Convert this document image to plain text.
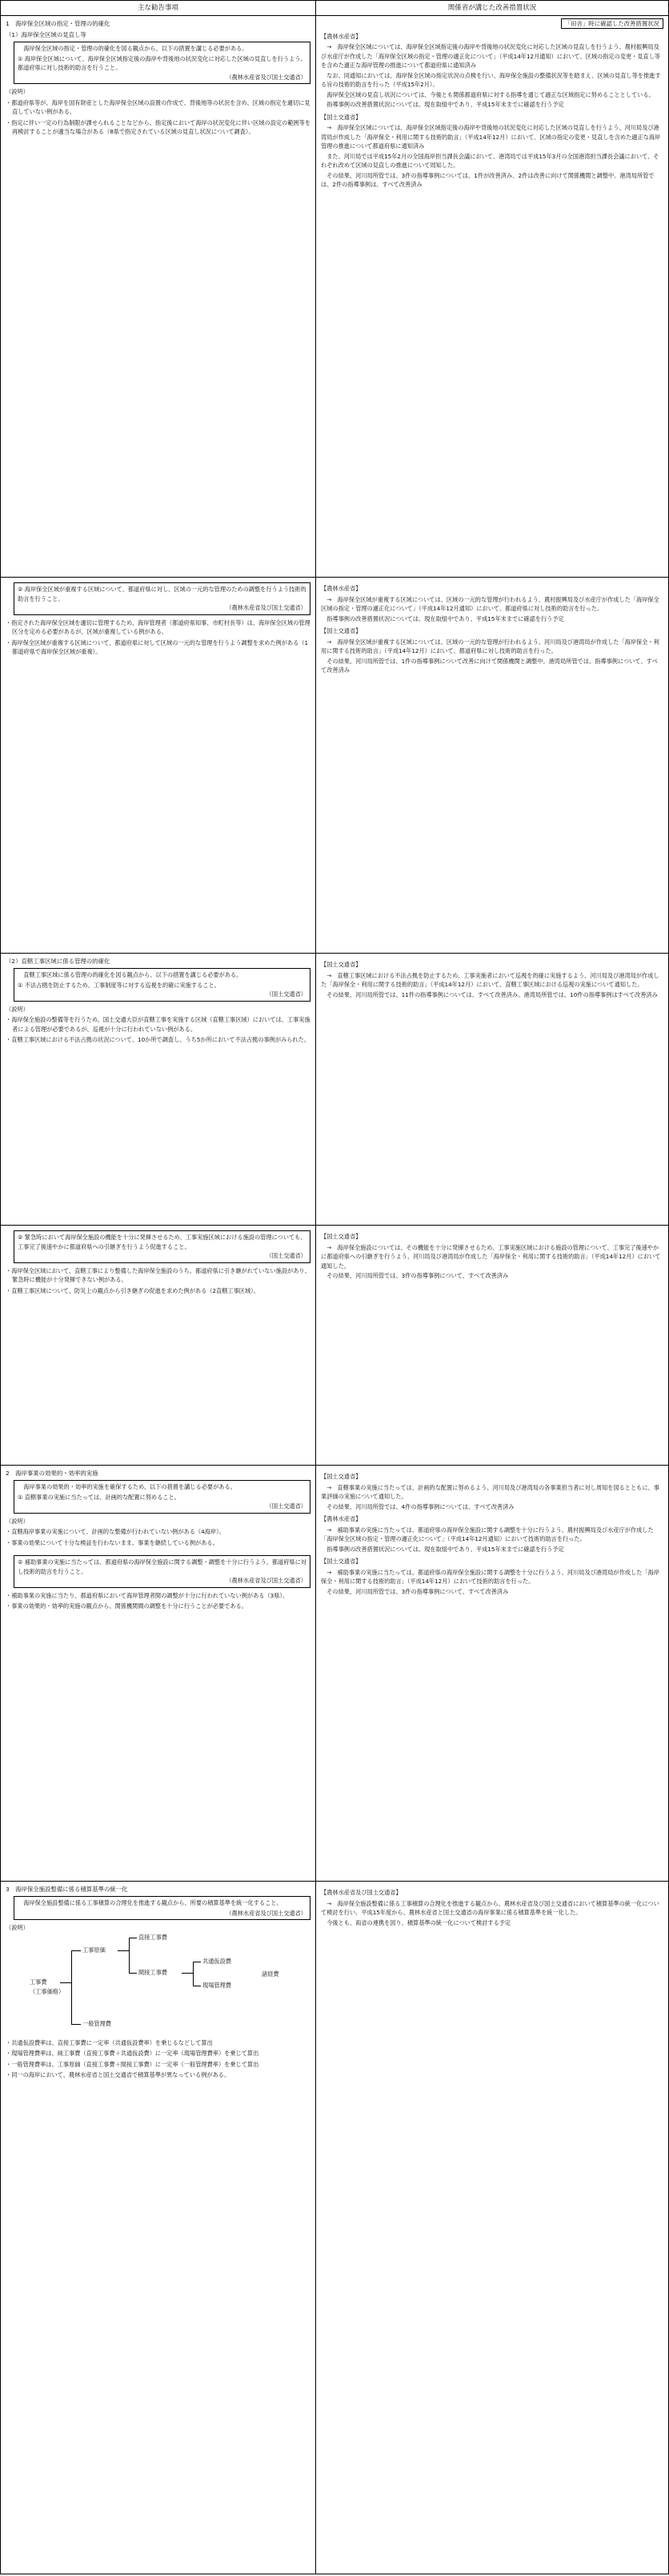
主な勧告事項	関係省が講じた改善措置状況
1　海岸保全区域の指定・管理の的確化
（1）海岸保全区域の見直し等
海岸保全区域の指定・管理の的確化を図る観点から、以下の措置を講じる必要がある。
① 海岸保全区域について、海岸保全区域指定後の海岸や背後地の状況変化に対応した区域の見直しを行うよう、都道府県に対し技術的助言を行うこと。
（農林水産省及び国土交通省）
（説明）
・都道府県等が、海岸を国有財産とした海岸保全区域の設置の作成で、背後地等の状況を含め、区域の指定を適切に見直していない例がある。
・指定に伴い一定の行為制限が課せられることなどから、指定後において海岸の状況変化に伴い区域の設定の範囲等を再検討することが適当な場合がある（8県で指定されている区域の見直し状況について調査）。
「田舎」時に確認した改善措置状況
【農林水産省】
→　海岸保全区域については、海岸保全区域指定後の海岸や背後地の状況変化に対応した区域の見直しを行うよう、農村振興局及び水産庁が作成した「海岸保全区域の指定・管理の適正化について」（平成14年12月通知）において、区域の指定の変更・見直し等を含めた適正な海岸管理の推進について都道府県に通知済み
なお、同通知においては、海岸保全区域の指定状況の点検を行い、海岸保全施設の整備状況等を踏まえ、区域の見直し等を推進する旨の技術的助言を行った（平成15年2月）。
海岸保全区域の見直し状況については、今後とも関係都道府県に対する指導を通じて適正な区域指定に努めることとしている。
指導事例の改善措置状況については、現在取組中であり、平成15年末までに確認を行う予定
【国土交通省】
→　海岸保全区域については、海岸保全区域指定後の海岸や背後地の状況変化に対応した区域の見直しを行うよう、河川局及び港湾局が作成した「海岸保全・利用に関する技術的助言」（平成14年12月）において、区域の指定の変更・見直しを含めた適正な海岸管理の推進について都道府県に通知済み
また、河川局では平成15年2月の全国海岸担当課長会議において、港湾局では平成15年3月の全国港湾担当課長会議において、それぞれ改めて区域の見直しの推進について周知した。
その結果、河川局所管では、3件の指導事例については、1件が改善済み、2件は改善に向けて関係機関と調整中。港湾局所管では、2件の指導事例は、すべて改善済み
② 海岸保全区域が重複する区域について、都道府県に対し、区域の一元的な管理のための調整を行うよう技術的助言を行うこと。
（農林水産省及び国土交通省）
・指定された海岸保全区域を適切に管理するため、海岸管理者（都道府県知事、市町村長等）は、海岸保全区域の管理区分を定める必要があるが、区域が重複している例がある。
・海岸保全区域が重複する区域について、都道府県に対して区域の一元的な管理を行うよう調整を求めた例がある（1都道府県で海岸保全区域が重複）。
【農林水産省】
→　海岸保全区域が重複する区域については、区域の一元的な管理が行われるよう、農村振興局及び水産庁が作成した「海岸保全区域の指定・管理の適正化について」（平成14年12月通知）において、都道府県に対し技術的助言を行った。
指導事例の改善措置状況については、現在取組中であり、平成15年末までに確認を行う予定
【国土交通省】
→　海岸保全区域が重複する区域については、区域の一元的な管理が行われるよう、河川局及び港湾局が作成した「海岸保全・利用に関する技術的助言」（平成14年12月）において、都道府県に対し技術的助言を行った。
その結果、河川局所管では、1件の指導事例について改善に向けて関係機関と調整中。港湾局所管では、指導事例について、すべて改善済み
（2）直轄工事区域に係る管理の的確化
直轄工事区域に係る管理の的確化を図る観点から、以下の措置を講じる必要がある。
① 不法占拠を防止するため、工事制度等に対する巡視を的確に実施すること。
（国土交通省）
（説明）
・海岸保全施設の整備等を行うため、国土交通大臣が直轄工事を実施する区域（直轄工事区域）においては、工事実施者による管理が必要であるが、巡視が十分に行われていない例がある。
・直轄工事区域における不法占拠の状況について、10か所で調査し、うち5か所において不法占拠の事例がみられた。
【国土交通省】
→　直轄工事区域における不法占拠を防止するため、工事実施者において巡視を的確に実施するよう、河川局及び港湾局が作成した「海岸保全・利用に関する技術的助言」（平成14年12月）において、直轄工事区域における巡視の実施について通知した。
その結果、河川局所管では、11件の指導事例については、すべて改善済み。港湾局所管では、10件の指導事例はすべて改善済み
② 緊急時において海岸保全施設の機能を十分に発揮させるため、工事実施区域における施設の管理についても、工事完了後速やかに都道府県への引継ぎを行うよう促進すること。
（国土交通省）
・海岸保全区域において、直轄工事により整備した海岸保全施設のうち、都道府県に引き継がれていない施設があり、緊急時に機能が十分発揮できない例がある。
・直轄工事区域について、防災上の観点から引き継ぎの促進を求めた例がある（2直轄工事区域）。
【国土交通省】
→　海岸保全施設については、その機能を十分に発揮させるため、工事実施区域における施設の管理について、工事完了後速やかに都道府県への引継ぎを行うよう、河川局及び港湾局が作成した「海岸保全・利用に関する技術的助言」（平成14年12月）において通知した。
その結果、河川局所管では、3件の指導事例について、すべて改善済み
2　海岸事業の効果的・効率的実施
海岸事業の効果的・効率的実施を確保するため、以下の措置を講じる必要がある。
① 直轄事業の実施に当たっては、計画的な配置に努めること。
（国土交通省）
（説明）
・直轄海岸事業の実施について、計画的な整備が行われていない例がある（4海岸）。
・事業の効果について十分な検証を行わないまま、事業を継続している例がある。
② 補助事業の実施に当たっては、都道府県の海岸保全施設に関する調整・調整を十分に行うよう、都道府県に対し技術的助言を行うこと。
（農林水産省及び国土交通省）
・補助事業の実施に当たり、都道府県において海岸管理者間の調整が十分に行われていない例がある（3県）。
・事業の効果的・効率的実施の観点から、関係機関間の調整を十分に行うことが必要である。
【国土交通省】
→　直轄事業の実施に当たっては、計画的な配置に努めるよう、河川局及び港湾局の各事業担当者に対し周知を図るとともに、事業評価の実施について通知した。
その結果、河川局所管では、4件の指導事例については、すべて改善済み
【農林水産省】
→　補助事業の実施に当たっては、都道府県の海岸保全施設に関する調整を十分に行うよう、農村振興局及び水産庁が作成した「海岸保全区域の指定・管理の適正化について」（平成14年12月通知）において技術的助言を行った。
指導事例の改善措置状況については、現在取組中であり、平成15年末までに確認を行う予定
【国土交通省】
→　補助事業の実施に当たっては、都道府県の海岸保全施設に関する調整を十分に行うよう、河川局及び港湾局が作成した「海岸保全・利用に関する技術的助言」（平成14年12月）において技術的助言を行った。
その結果、河川局所管では、3件の指導事例について、すべて改善済み
3　海岸保全施設整備に係る積算基準の統一化
海岸保全施設整備に係る工事積算の合理化を推進する観点から、所要の積算基準を統一化すること。
（農林水産省及び国土交通省）
（説明）
工事費
（工事価格）
工事原価
一般管理費
直接工事費
間接工事費
共通仮設費
現場管理費
諸経費
・共通仮設費率は、直接工事費に一定率（共通仮設費率）を乗じるなどして算出
・現場管理費率は、純工事費（直接工事費＋共通仮設費）に一定率（現場管理費率）を乗じて算出
・一般管理費率は、工事原価（直接工事費＋間接工事費）に一定率（一般管理費率）を乗じて算出
・同一の海岸において、農林水産省と国土交通省で積算基準が異なっている例がある。
【農林水産省及び国土交通省】
→　海岸保全施設整備に係る工事積算の合理化を推進する観点から、農林水産省及び国土交通省において積算基準の統一化について検討を行い、平成15年度から、農林水産省と国土交通省の海岸事業に係る積算基準を統一化した。
今後とも、両省の連携を図り、積算基準の統一化について検討する予定
